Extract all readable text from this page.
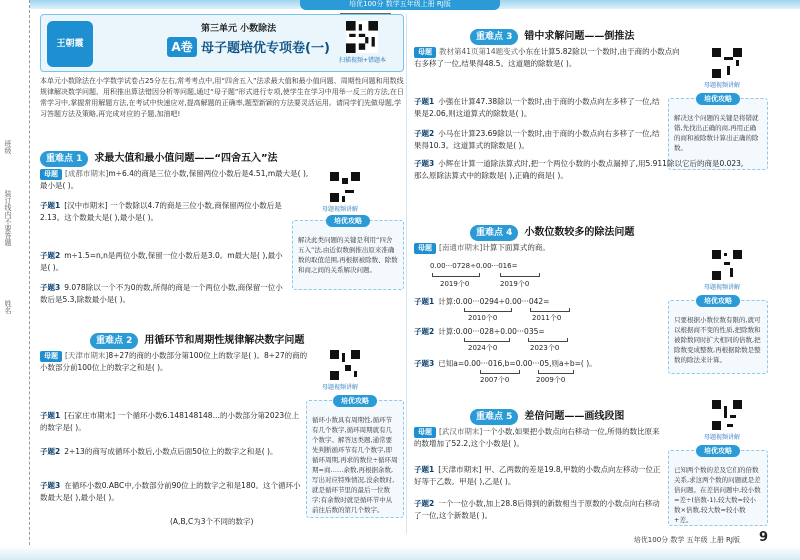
培优100分 数学五年级上册 RJ版
班级
装订线内不要答题
姓名
王朝霞
第三单元 小数除法
A卷 母子题培优专项卷(一)
扫描视频+错题本
本单元小数除法在小学数学试卷占25分左右,常考考点中,用“四舍五入”法求最大值和最小值问题、周期性问题和用数线规律解决数学问题、用积推出算法错因分析等问题,通过“母子题”形式进行专项,使学生在学习中用举一反三的方法,在日常学习中,掌握常用解题方法,在考试中快速应对,提高解题的正确率,题型新颖的方法要灵活运用。请同学们先做母题,学习答题方法及策略,再完成对应的子题,加油吧!
重难点 1 求最大值和最小值问题——“四舍五入”法
母题 [成都市期末]m÷6.4的商是三位小数,保留两位小数后是4.51,m最大是( ),最小是( )。
母题视频讲解
培优攻略
解决此类问题的关键是利用“四舍五入”法,由近似数倒推出原来准确数的取值范围,再根据被除数、除数和商之间的关系解决问题。
子题1 [汉中市期末] 一个数除以4.7的商是三位小数,商保留两位小数后是2.13。这个数最大是( ),最小是( )。
子题2 m÷1.5=n,n是两位小数,保留一位小数后是3.0。m最大是( ),最小是( )。
子题3 9.078除以一个不为0的数,所得的商是一个两位小数,商保留一位小数后是5.3,除数最小是( )。
重难点 2 用循环节和周期性规律解决数字问题
母题 [天津市期末]8÷27的商的小数部分第100位上的数字是( )。8÷27的商的小数部分前100位上的数字之和是( )。
母题视频讲解
培优攻略
循环小数具有周期性,循环节有几个数字,循环周期就有几个数字。解答这类题,通常要先判断循环节有几个数字,即循环周期,再求的数位÷循环周期=商……余数,再根据余数,写出对应特殊情况,没余数时,就是循环节里的最后一位数字;有余数时就是循环节中从前往后数的第几个数字。
子题1 [石家庄市期末] 一个循环小数6.148148148…的小数部分第2023位上的数字是( )。
子题2 2÷13的商写成循环小数后,小数点后面50位上的数字之和是( )。
子题3 在循环小数0.ABC中,小数部分前90位上的数字之和是180。这个循环小数最大是( ),最小是( )。
(A,B,C为3个不同的数字)
重难点 3 错中求解问题——倒推法
母题 教材第41页第14题变式小东在计算5.82除以一个数时,由于商的小数点向右多移了一位,结果得48.5。这道题的除数是( )。
母题视频讲解
培优攻略
解决这个问题的关键是将错就错,先找出正确的商,再用正确的商和被除数计算出正确的除数。
子题1 小强在计算47.38除以一个数时,由于商的小数点向左多移了一位,结果是2.06,则这道算式的除数是( )。
子题2 小马在计算23.69除以一个数时,由于商的小数点向右多移了一位,结果得10.3。这道算式的除数是( )。
子题3 小辉在计算一道除法算式时,把一个两位小数的小数点漏掉了,用5.911除以它后的商是0.023,那么原除法算式中的除数是( ),正确的商是( )。
重难点 4 小数位数较多的除法问题
母题 [南通市期末]计算下面算式的商。
0.00···0728÷0.00···016=
2019个0	2019个0	母题视频讲解
培优攻略
只要根据小数位数有限的,就可以根据商不变的性质,把除数和被除数同时扩大相同的倍数,把除数变成整数,再根据除数是整数的除法来计算。
子题1 计算:0.00···0294÷0.00···042=
2010个0	2011个0
子题2 计算:0.00···028÷0.00···035=
2024个0	2023个0
子题3 已知a=0.00···016,b=0.00···05,则a÷b=( )。
2007个0	2009个0
重难点 5 差倍问题——画线段图
母题 [武汉市期末]一个小数,如果把小数点向右移动一位,所得的数比原来的数增加了52.2,这个小数是( )。
母题视频讲解
培优攻略
已知两个数的差及它们的倍数关系,求这两个数的问题就是差倍问题。在差倍问题中,较小数=差÷(倍数-1),较大数=较小数×倍数,较大数=较小数+差。
子题1 [天津市期末] 甲、乙两数的差是19.8,甲数的小数点向左移动一位正好等于乙数。甲是( ),乙是( )。
子题2 一个一位小数,加上28.8后得到的新数相当于原数的小数点向右移动了一位,这个新数是( )。
培优100分 数学 五年级 上册 RJ版 9
